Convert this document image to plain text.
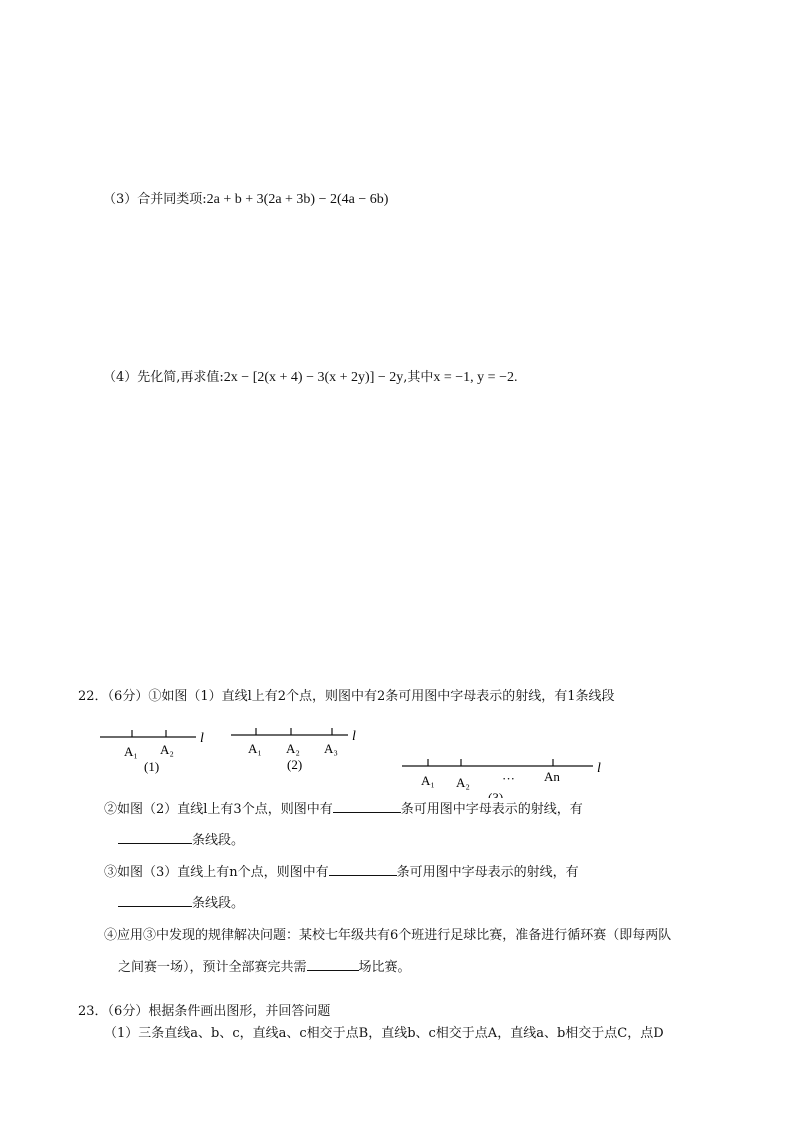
（3）合并同类项:2a + b + 3(2a + 3b) − 2(4a − 6b)
（4）先化简,再求值:2x − [2(x + 4) − 3(x + 2y)] − 2y,其中x = −1, y = −2.
22．（6分）①如图（1）直线l上有2个点，则图中有2条可用图中字母表示的射线，有1条线段
l
A₁ A₂
(1)
l
A₁ A₂ A₃
(2)	l
A₁ A₂ ··· An
②如图（2）直线l上有3个点，则图中有	条可用图中字母表示的射线，有
条线段。
③如图（3）直线上有n个点，则图中有	条可用图中字母表示的射线，有
条线段。
④应用③中发现的规律解决问题：某校七年级共有6个班进行足球比赛，准备进行循环赛（即每两队
之间赛一场），预计全部赛完共需	场比赛。
23．（6分）根据条件画出图形，并回答问题
（1）三条直线a、b、c，直线a、c相交于点B，直线b、c相交于点A，直线a、b相交于点C，点D
